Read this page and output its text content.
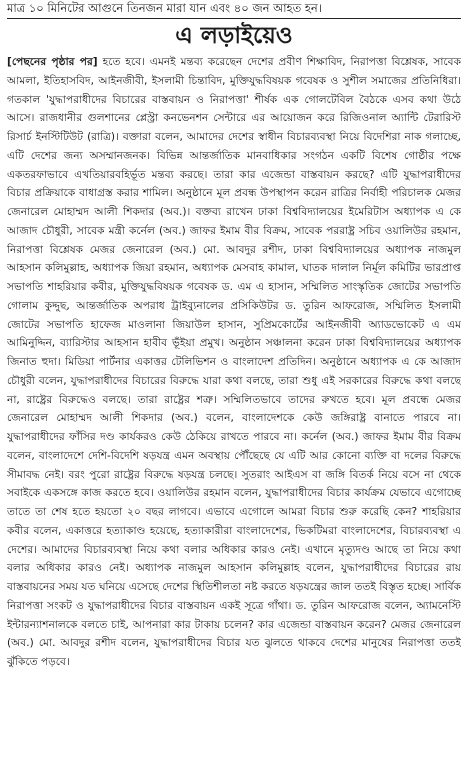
মাত্র ১০ মিনিটের আগুনে তিনজন মারা যান এবং ৪০ জন আহত হন।
এ লড়াইয়েও

[পেছনের পৃষ্ঠার পর] হতে হবে। এমনই মন্তব্য করেছেন দেশের প্রবীণ শিক্ষাবিদ, নিরাপত্তা বিশ্লেষক, সাবেক আমলা, ইতিহাসবিদ, আইনজীবী, ইসলামী চিন্তাবিদ, মুক্তিযুদ্ধবিষয়ক গবেষক ও সুশীল সমাজের প্রতিনিধিরা। গতকাল 'যুদ্ধাপরাধীদের বিচারের বাস্তবায়ন ও নিরাপত্তা' শীর্ষক এক গোলটেবিল বৈঠকে এসব কথা উঠে আসে। রাজধানীর গুলশানের প্লেস্ট্রা কনভেনশন সেন্টারে এর আয়োজন করে রিজিওনাল অ্যান্টি টেরারিস্ট রিসার্চ ইনস্টিটিউট (রাত্রি)। বক্তারা বলেন, আমাদের দেশের স্বাধীন বিচারব্যবস্থা নিয়ে বিদেশিরা নাক গলাচ্ছে, এটি দেশের জন্য অসম্মানজনক। বিভিন্ন আন্তর্জাতিক মানবাধিকার সংগঠন একটি বিশেষ গোষ্ঠীর পক্ষে একতরফাভাবে এখতিয়ারবহির্ভূত মন্তব্য করছে। তারা কার এজেন্ডা বাস্তবায়ন করছে? এটি যুদ্ধাপরাধীদের বিচার প্রক্রিয়াকে বাধাগ্রস্ত করার শামিল। অনুষ্ঠানে মূল প্রবন্ধ উপস্থাপন করেন রাত্রির নির্বাহী পরিচালক মেজর জেনারেল মোহাম্মদ আলী শিকদার (অব.)। বক্তব্য রাখেন ঢাকা বিশ্ববিদ্যালয়ের ইমেরিটাস অধ্যাপক এ কে আজাদ চৌধুরী, সাবেক মন্ত্রী কর্নেল (অব.) জাফর ইমাম বীর বিক্রম, সাবেক পররাষ্ট্র সচিব ওয়ালিউর রহমান, নিরাপত্তা বিশ্লেষক মেজর জেনারেল (অব.) মো. আবদুর রশীদ, ঢাকা বিশ্ববিদ্যালয়ের অধ্যাপক নাজমুল আহসান কলিমুল্লাহ, অধ্যাপক জিয়া রহমান, অধ্যাপক মেসবাহ কামাল, ঘাতক দালাল নির্মূল কমিটির ভারপ্রাপ্ত সভাপতি শাহরিয়ার কবীর, মুক্তিযুদ্ধবিষয়ক গবেষক ড. এম এ হাসান, সম্মিলিত সাংস্কৃতিক জোটের সভাপতি গোলাম কুদ্দুছ, আন্তর্জাতিক অপরাধ ট্রাইব্যুনালের প্রসিকিউটর ড. তুরিন আফরোজ, সম্মিলিত ইসলামী জোটের সভাপতি হাফেজ মাওলানা জিয়াউল হাসান, সুপ্রিমকোর্টের আইনজীবী অ্যাডভোকেট এ এম আমিনুদ্দিন, ব্যারিস্টার আহসান হাবীব ভূঁইয়া প্রমুখ। অনুষ্ঠান সঞ্চালনা করেন ঢাকা বিশ্ববিদ্যালয়ের অধ্যাপক জিনাত হুদা। মিডিয়া পার্টনার একাত্তর টেলিভিশন ও বাংলাদেশ প্রতিদিন। অনুষ্ঠানে অধ্যাপক এ কে আজাদ চৌধুরী বলেন, যুদ্ধাপরাধীদের বিচারের বিরুদ্ধে যারা কথা বলছে, তারা শুধু এই সরকারের বিরুদ্ধে কথা বলছে না, রাষ্ট্রের বিরুদ্ধেও বলছে। তারা রাষ্ট্রের শত্রু। সম্মিলিতভাবে তাদের রুখতে হবে। মূল প্রবন্ধে মেজর জেনারেল মোহাম্মদ আলী শিকদার (অব.) বলেন, বাংলাদেশকে কেউ জঙ্গিরাষ্ট্র বানাতে পারবে না। যুদ্ধাপরাধীদের ফাঁসির দণ্ড কার্যকরও কেউ ঠেকিয়ে রাখতে পারবে না। কর্নেল (অব.) জাফর ইমাম বীর বিক্রম বলেন, বাংলাদেশে দেশি-বিদেশি ষড়যন্ত্র এমন অবস্থায় পৌঁছেছে যে এটি আর কোনো ব্যক্তি বা দলের বিরুদ্ধে সীমাবদ্ধ নেই। বরং পুরো রাষ্ট্রের বিরুদ্ধে ষড়যন্ত্র চলছে। সুতরাং আইএস বা জঙ্গি বিতর্ক নিয়ে বসে না থেকে সবাইকে একসঙ্গে কাজ করতে হবে। ওয়ালিউর রহমান বলেন, যুদ্ধাপরাধীদের বিচার কার্যক্রম যেভাবে এগোচ্ছে তাতে তা শেষ হতে হয়তো ২০ বছর লাগবে। এভাবে এগোলে আমরা বিচার শুরু করেছি কেন? শাহরিয়ার কবীর বলেন, একাত্তরে হত্যাকাণ্ড হয়েছে, হত্যাকারীরা বাংলাদেশের, ভিকটিমরা বাংলাদেশের, বিচারব্যবস্থা এ দেশের। আমাদের বিচারব্যবস্থা নিয়ে কথা বলার অধিকার কারও নেই। এখানে মৃত্যুদণ্ড আছে তা নিয়ে কথা বলার অধিকার কারও নেই। অধ্যাপক নাজমুল আহসান কলিমুল্লাহ বলেন, যুদ্ধাপরাধীদের বিচারের রায় বাস্তবায়নের সময় যত ঘনিয়ে এসেছে দেশের স্থিতিশীলতা নষ্ট করতে ষড়যন্ত্রের জাল ততই বিস্তৃত হচ্ছে। সার্বিক নিরাপত্তা সংকট ও যুদ্ধাপরাধীদের বিচার বাস্তবায়ন একই সূত্রে গাঁথা। ড. তুরিন আফরোজ বলেন, অ্যামনেস্টি ইন্টারন্যাশনালকে বলতে চাই, আপনারা কার টাকায় চলেন? কার এজেন্ডা বাস্তবায়ন করেন? মেজর জেনারেল (অব.) মো. আবদুর রশীদ বলেন, যুদ্ধাপরাধীদের বিচার যত ঝুলতে থাকবে দেশের মানুষের নিরাপত্তা ততই ঝুঁকিতে পড়বে।
